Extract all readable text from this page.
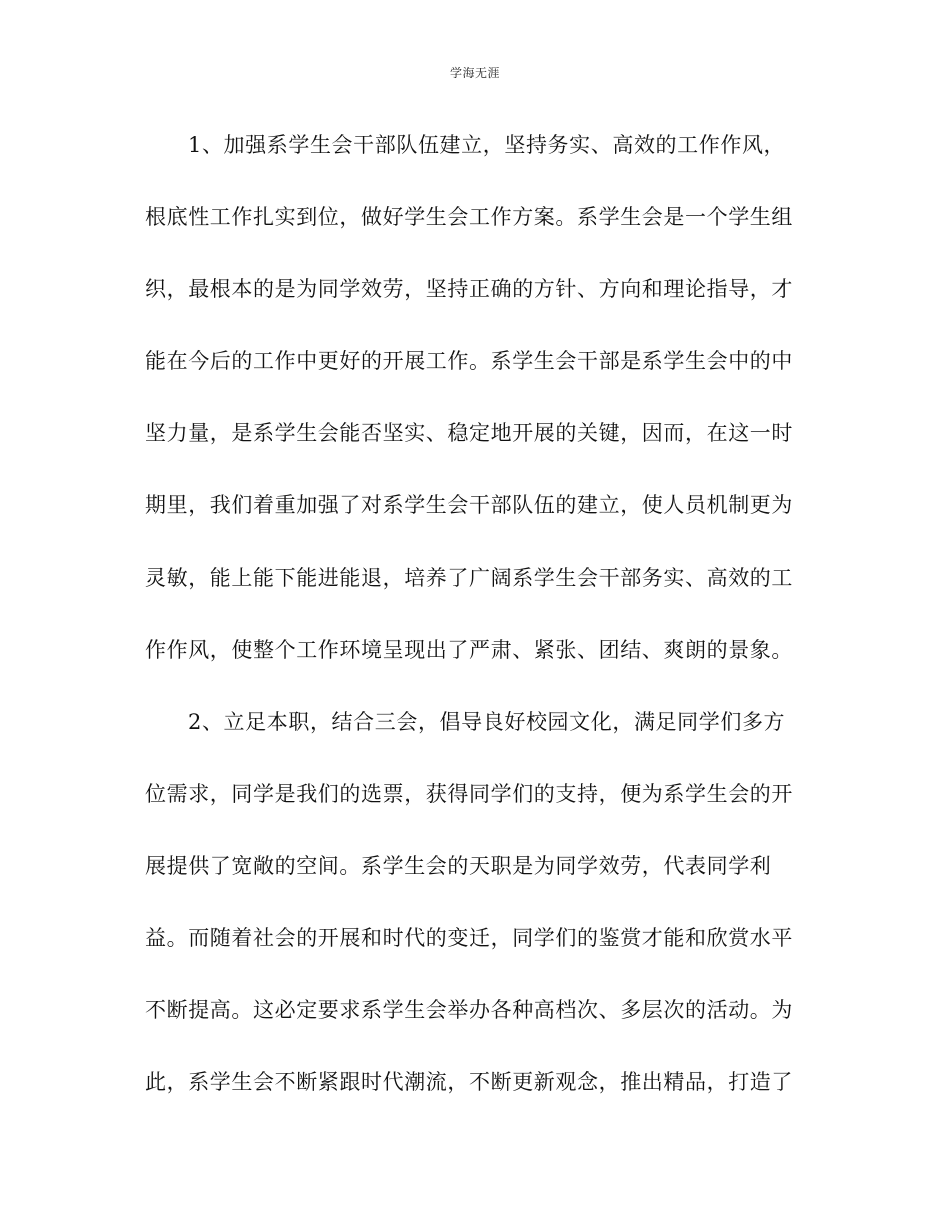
学海无涯
1、加强系学生会干部队伍建立，坚持务实、高效的工作作风，
根底性工作扎实到位，做好学生会工作方案。系学生会是一个学生组
织，最根本的是为同学效劳，坚持正确的方针、方向和理论指导，才
能在今后的工作中更好的开展工作。系学生会干部是系学生会中的中
坚力量，是系学生会能否坚实、稳定地开展的关键，因而，在这一时
期里，我们着重加强了对系学生会干部队伍的建立，使人员机制更为
灵敏，能上能下能进能退，培养了广阔系学生会干部务实、高效的工
作作风，使整个工作环境呈现出了严肃、紧张、团结、爽朗的景象。
2、立足本职，结合三会，倡导良好校园文化，满足同学们多方
位需求，同学是我们的选票，获得同学们的支持，便为系学生会的开
展提供了宽敞的空间。系学生会的天职是为同学效劳，代表同学利
益。而随着社会的开展和时代的变迁，同学们的鉴赏才能和欣赏水平
不断提高。这必定要求系学生会举办各种高档次、多层次的活动。为
此，系学生会不断紧跟时代潮流，不断更新观念，推出精品，打造了
